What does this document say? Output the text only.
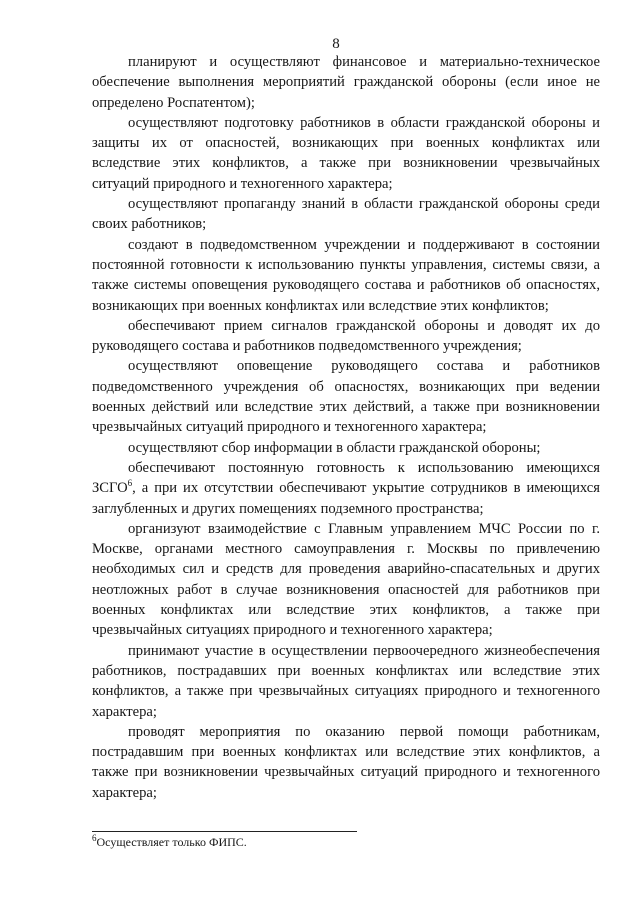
8

планируют и осуществляют финансовое и материально-техническое обеспечение выполнения мероприятий гражданской обороны (если иное не определено Роспатентом);

осуществляют подготовку работников в области гражданской обороны и защиты их от опасностей, возникающих при военных конфликтах или вследствие этих конфликтов, а также при возникновении чрезвычайных ситуаций природного и техногенного характера;

осуществляют пропаганду знаний в области гражданской обороны среди своих работников;

создают в подведомственном учреждении и поддерживают в состоянии постоянной готовности к использованию пункты управления, системы связи, а также системы оповещения руководящего состава и работников об опасностях, возникающих при военных конфликтах или вследствие этих конфликтов;

обеспечивают прием сигналов гражданской обороны и доводят их до руководящего состава и работников подведомственного учреждения;

осуществляют оповещение руководящего состава и работников подведомственного учреждения об опасностях, возникающих при ведении военных действий или вследствие этих действий, а также при возникновении чрезвычайных ситуаций природного и техногенного характера;

осуществляют сбор информации в области гражданской обороны;

обеспечивают постоянную готовность к использованию имеющихся ЗСГО$^6$, а при их отсутствии обеспечивают укрытие сотрудников в имеющихся заглубленных и других помещениях подземного пространства;

организуют взаимодействие с Главным управлением МЧС России по г. Москве, органами местного самоуправления г. Москвы по привлечению необходимых сил и средств для проведения аварийно-спасательных и других неотложных работ в случае возникновения опасностей для работников при военных конфликтах или вследствие этих конфликтов, а также при чрезвычайных ситуациях природного и техногенного характера;

принимают участие в осуществлении первоочередного жизнеобеспечения работников, пострадавших при военных конфликтах или вследствие этих конфликтов, а также при чрезвычайных ситуациях природного и техногенного характера;

проводят мероприятия по оказанию первой помощи работникам, пострадавшим при военных конфликтах или вследствие этих конфликтов, а также при возникновении чрезвычайных ситуаций природного и техногенного характера;

$^6$Осуществляет только ФИПС.
